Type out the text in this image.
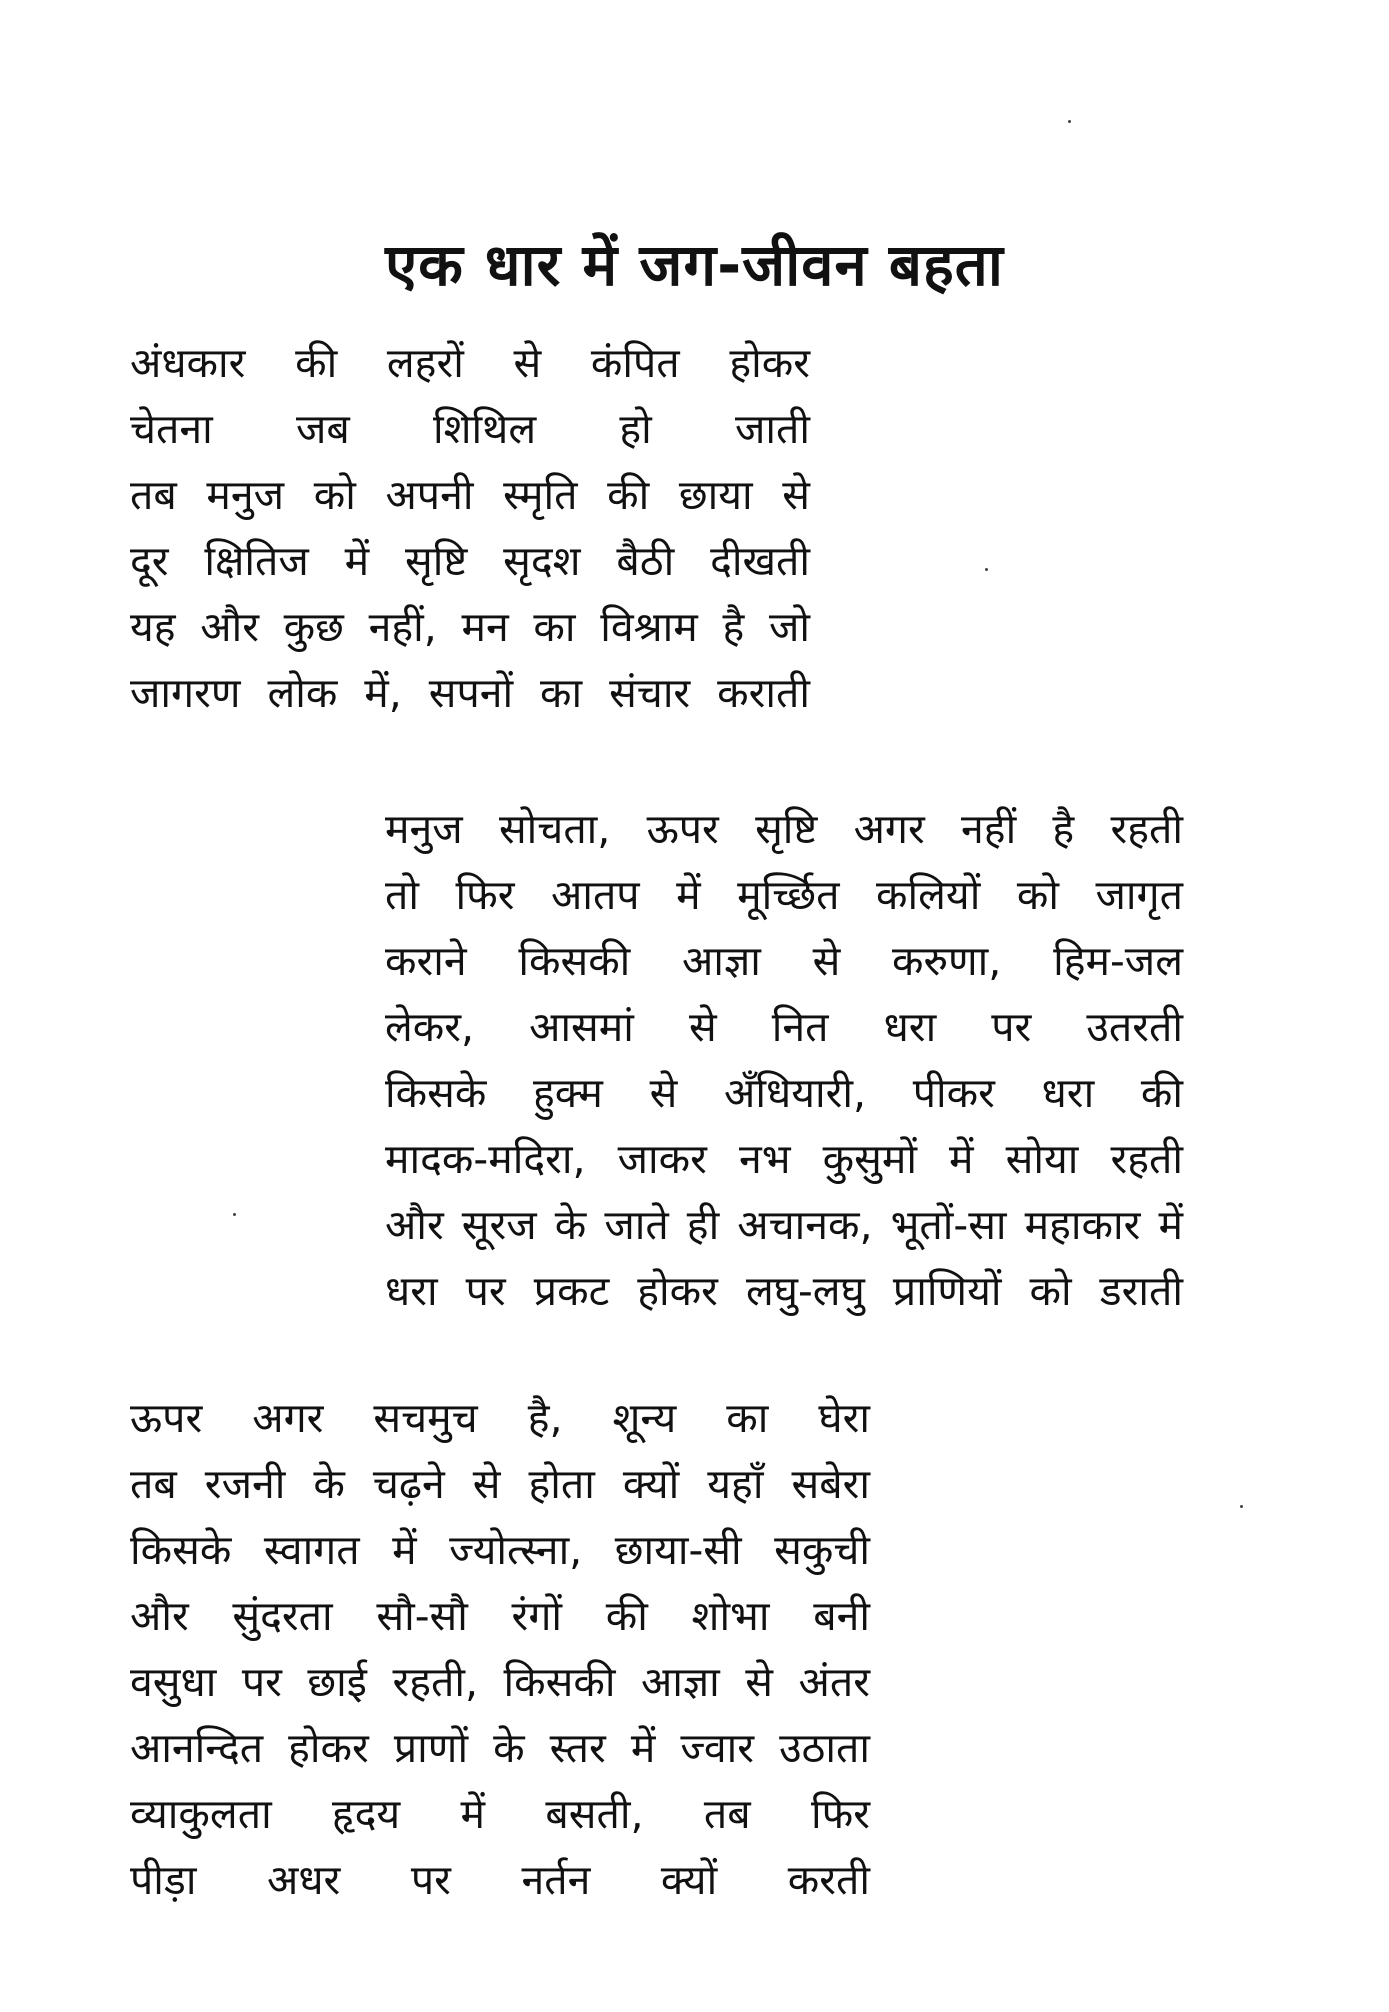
एक धार में जग-जीवन बहता
अंधकार की लहरों से कंपित होकर
चेतना जब शिथिल हो जाती
तब मनुज को अपनी स्मृति की छाया से
दूर क्षितिज में सृष्टि सृदश बैठी दीखती
यह और कुछ नहीं, मन का विश्राम है जो
जागरण लोक में, सपनों का संचार कराती
मनुज सोचता, ऊपर सृष्टि अगर नहीं है रहती
तो फिर आतप में मूर्च्छित कलियों को जागृत
कराने किसकी आज्ञा से करुणा, हिम-जल
लेकर, आसमां से नित धरा पर उतरती
किसके हुक्म से अँधियारी, पीकर धरा की
मादक-मदिरा, जाकर नभ कुसुमों में सोया रहती
और सूरज के जाते ही अचानक, भूतों-सा महाकार में
धरा पर प्रकट होकर लघु-लघु प्राणियों को डराती
ऊपर अगर सचमुच है, शून्य का घेरा
तब रजनी के चढ़ने से होता क्यों यहाँ सबेरा
किसके स्वागत में ज्योत्स्ना, छाया-सी सकुची
और सुंदरता सौ-सौ रंगों की शोभा बनी
वसुधा पर छाई रहती, किसकी आज्ञा से अंतर
आनन्दित होकर प्राणों के स्तर में ज्वार उठाता
व्याकुलता हृदय में बसती, तब फिर
पीड़ा अधर पर नर्तन क्यों करती
